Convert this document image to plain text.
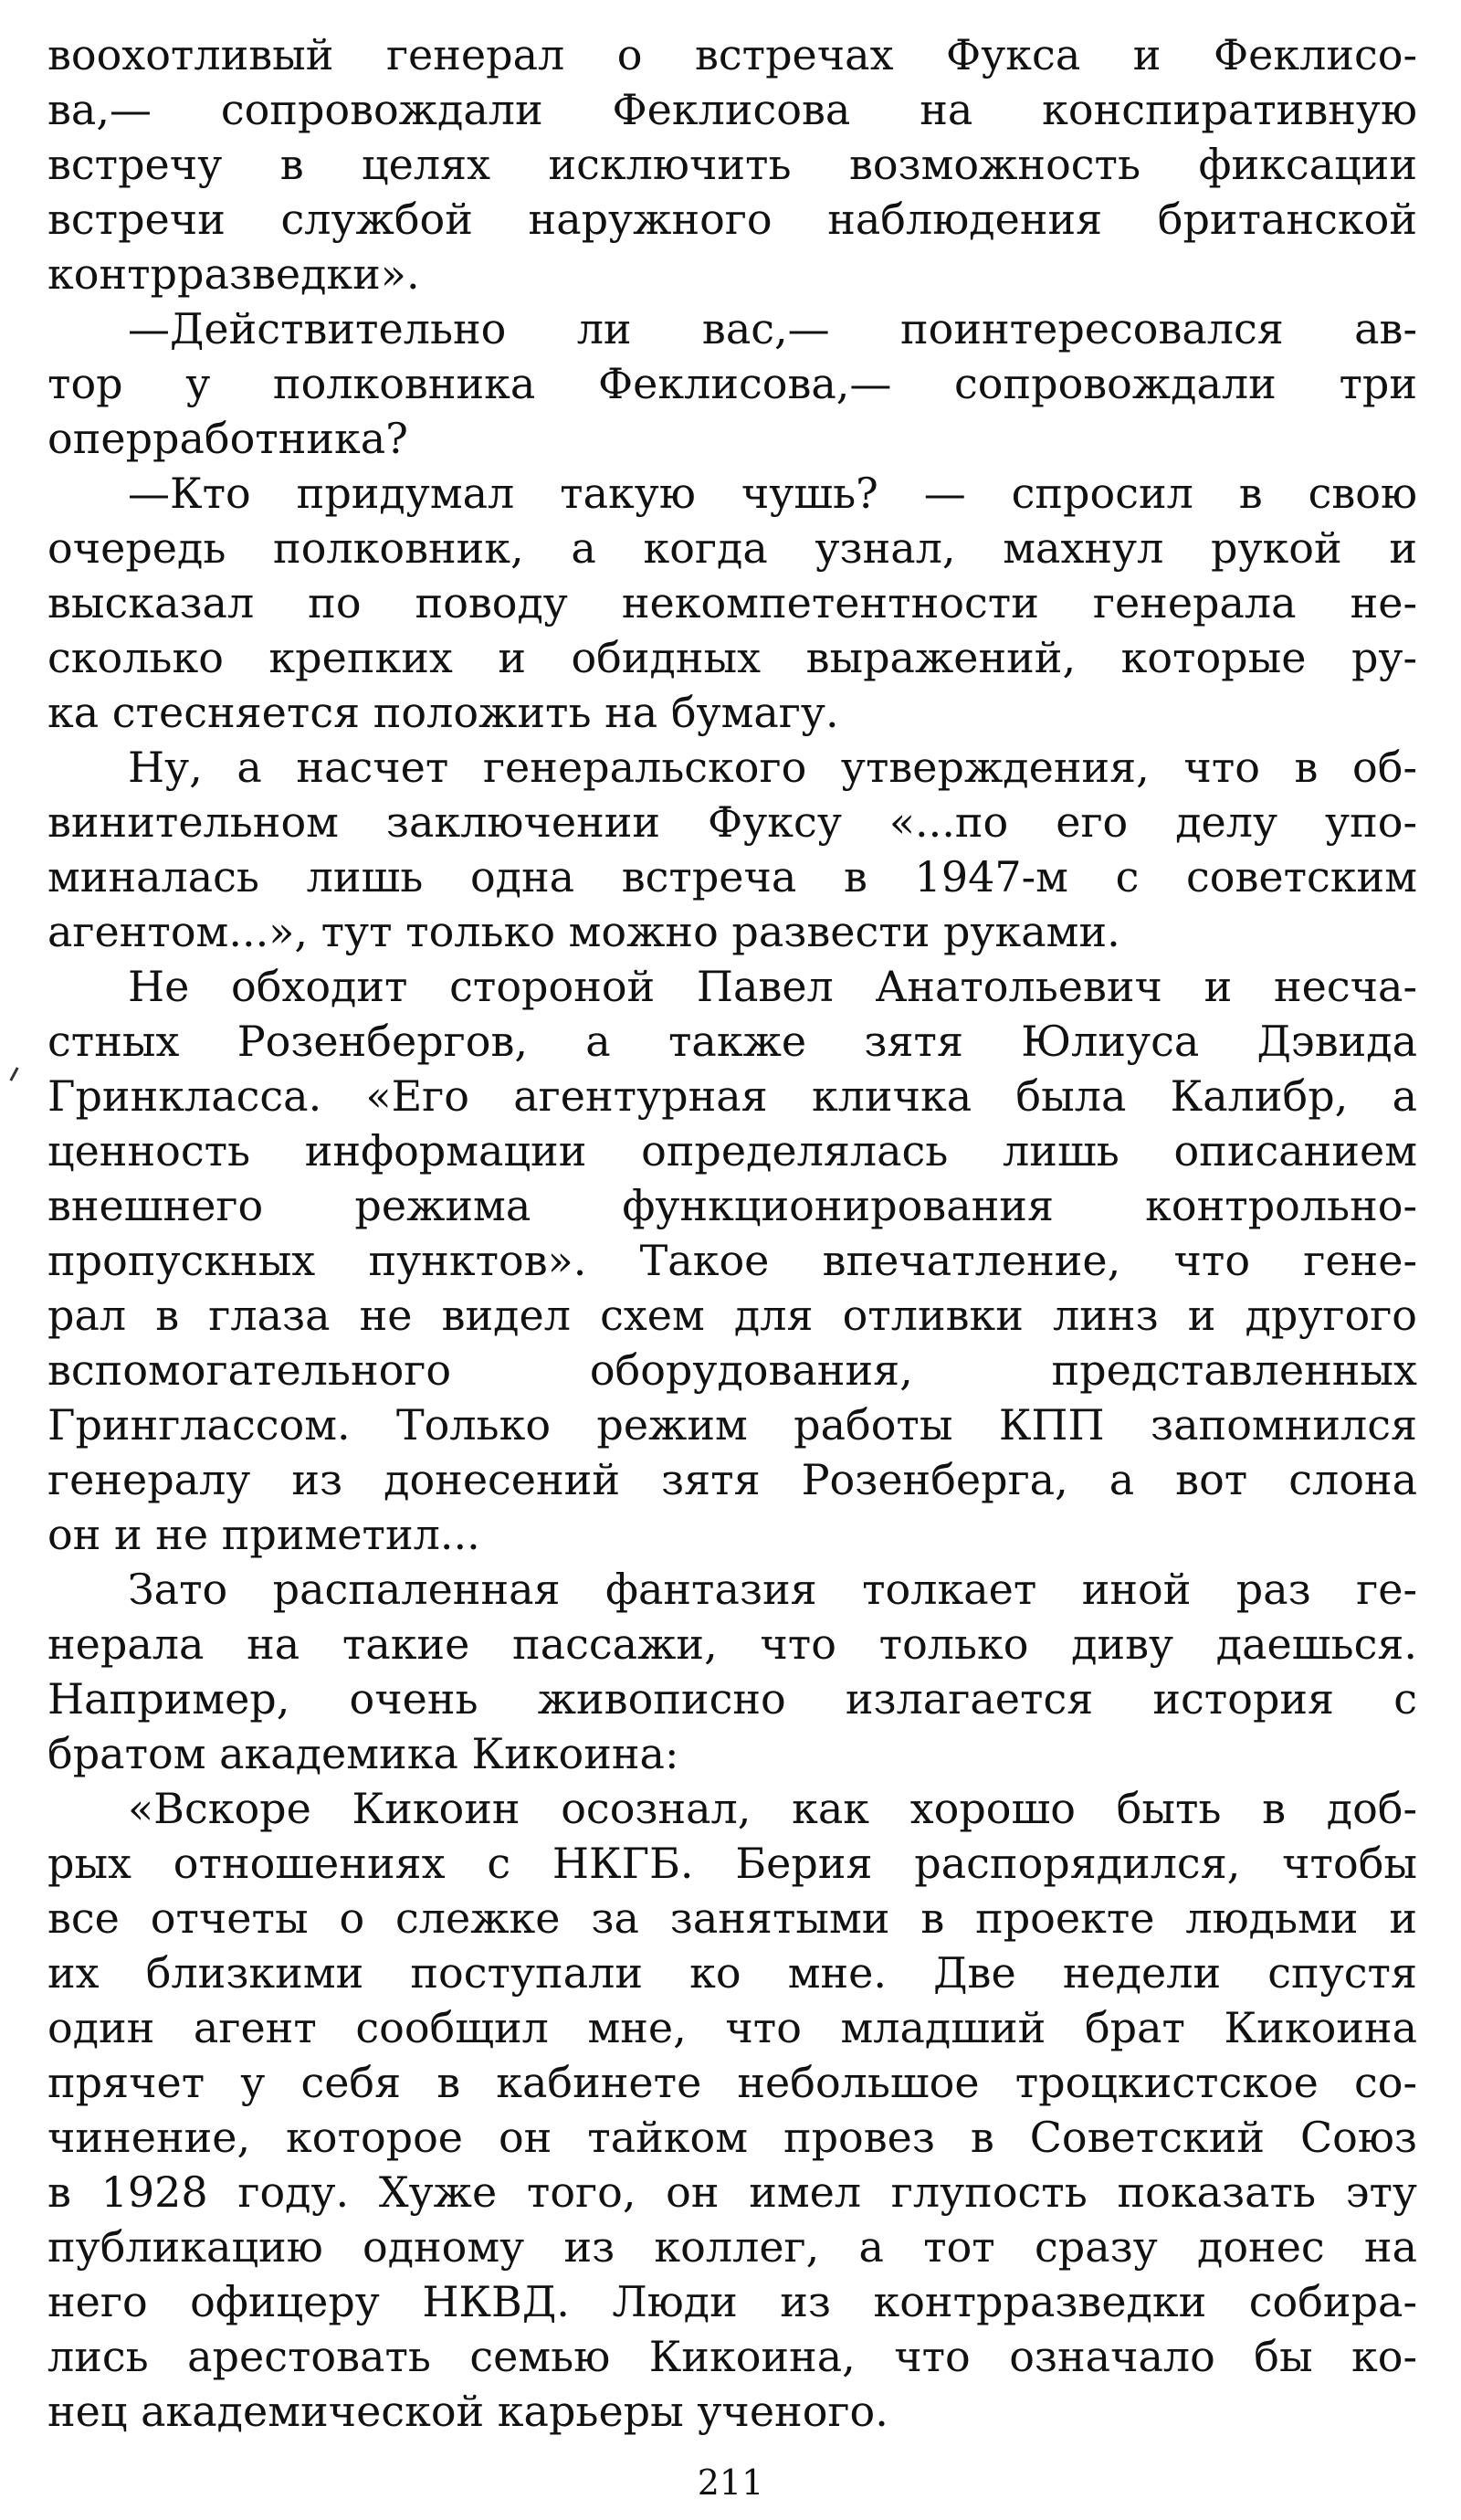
воохотливый генерал о встречах Фукса и Феклисо-
ва,— сопровождали Феклисова на конспиративную
встречу в целях исключить возможность фиксации
встречи службой наружного наблюдения британской
контрразведки».
—Действительно ли вас,— поинтересовался ав-
тор у полковника Феклисова,— сопровождали три
оперработника?
—Кто придумал такую чушь? — спросил в свою
очередь полковник, а когда узнал, махнул рукой и
высказал по поводу некомпетентности генерала не-
сколько крепких и обидных выражений, которые ру-
ка стесняется положить на бумагу.
Ну, а насчет генеральского утверждения, что в об-
винительном заключении Фуксу «...по его делу упо-
миналась лишь одна встреча в 1947-м с советским
агентом...», тут только можно развести руками.
Не обходит стороной Павел Анатольевич и несча-
стных Розенбергов, а также зятя Юлиуса Дэвида
Гринкласса. «Его агентурная кличка была Калибр, а
ценность информации определялась лишь описанием
внешнего режима функционирования контрольно-
пропускных пунктов». Такое впечатление, что гене-
рал в глаза не видел схем для отливки линз и другого
вспомогательного оборудования, представленных
Гринглассом. Только режим работы КПП запомнился
генералу из донесений зятя Розенберга, а вот слона
он и не приметил...
Зато распаленная фантазия толкает иной раз ге-
нерала на такие пассажи, что только диву даешься.
Например, очень живописно излагается история с
братом академика Кикоина:
«Вскоре Кикоин осознал, как хорошо быть в доб-
рых отношениях с НКГБ. Берия распорядился, чтобы
все отчеты о слежке за занятыми в проекте людьми и
их близкими поступали ко мне. Две недели спустя
один агент сообщил мне, что младший брат Кикоина
прячет у себя в кабинете небольшое троцкистское со-
чинение, которое он тайком провез в Советский Союз
в 1928 году. Хуже того, он имел глупость показать эту
публикацию одному из коллег, а тот сразу донес на
него офицеру НКВД. Люди из контрразведки собира-
лись арестовать семью Кикоина, что означало бы ко-
нец академической карьеры ученого.
211
